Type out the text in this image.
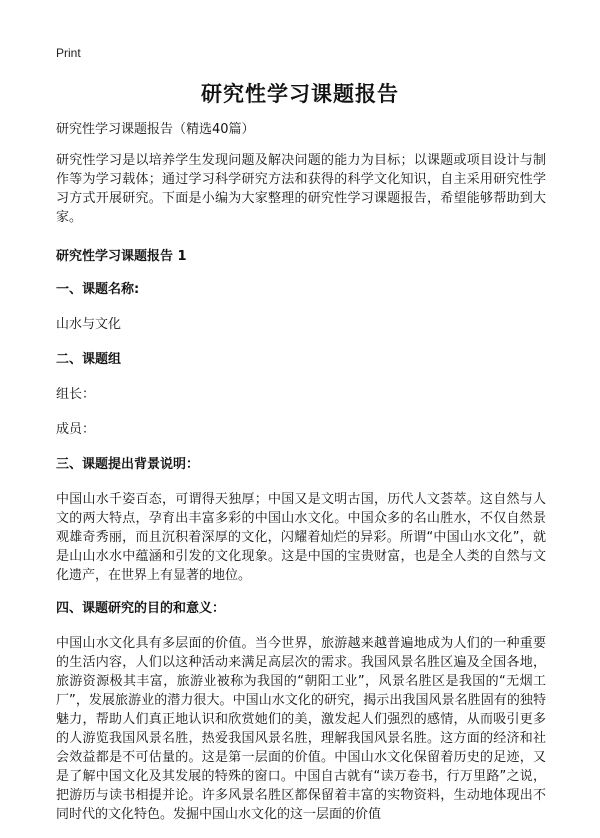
Print
研究性学习课题报告

研究性学习课题报告（精选40篇）

研究性学习是以培养学生发现问题及解决问题的能力为目标；以课题或项目设计与制作等为学习载体；通过学习科学研究方法和获得的科学文化知识，自主采用研究性学习方式开展研究。下面是小编为大家整理的研究性学习课题报告，希望能够帮助到大家。

研究性学习课题报告 1
一、课题名称:
山水与文化
二、课题组
组长：
成员：
三、课题提出背景说明：

中国山水千姿百态，可谓得天独厚；中国又是文明古国，历代人文荟萃。这自然与人文的两大特点，孕育出丰富多彩的中国山水文化。中国众多的名山胜水，不仅自然景观雄奇秀丽，而且沉积着深厚的文化，闪耀着灿烂的异彩。所谓“中国山水文化”，就是山山水水中蕴涵和引发的文化现象。这是中国的宝贵财富，也是全人类的自然与文化遗产，在世界上有显著的地位。

四、课题研究的目的和意义：

中国山水文化具有多层面的价值。当今世界，旅游越来越普遍地成为人们的一种重要的生活内容，人们以这种活动来满足高层次的需求。我国风景名胜区遍及全国各地，旅游资源极其丰富，旅游业被称为我国的“朝阳工业”，风景名胜区是我国的“无烟工厂”，发展旅游业的潜力很大。中国山水文化的研究，揭示出我国风景名胜固有的独特魅力，帮助人们真正地认识和欣赏她们的美，激发起人们强烈的感情，从而吸引更多的人游览我国风景名胜，热爱我国风景名胜，理解我国风景名胜。这方面的经济和社会效益都是不可估量的。这是第一层面的价值。中国山水文化保留着历史的足迹，又是了解中国文化及其发展的特殊的窗口。中国自古就有“读万卷书，行万里路”之说，把游历与读书相提并论。许多风景名胜区都保留着丰富的实物资料，生动地体现出不同时代的文化特色。发掘中国山水文化的这一层面的价值
